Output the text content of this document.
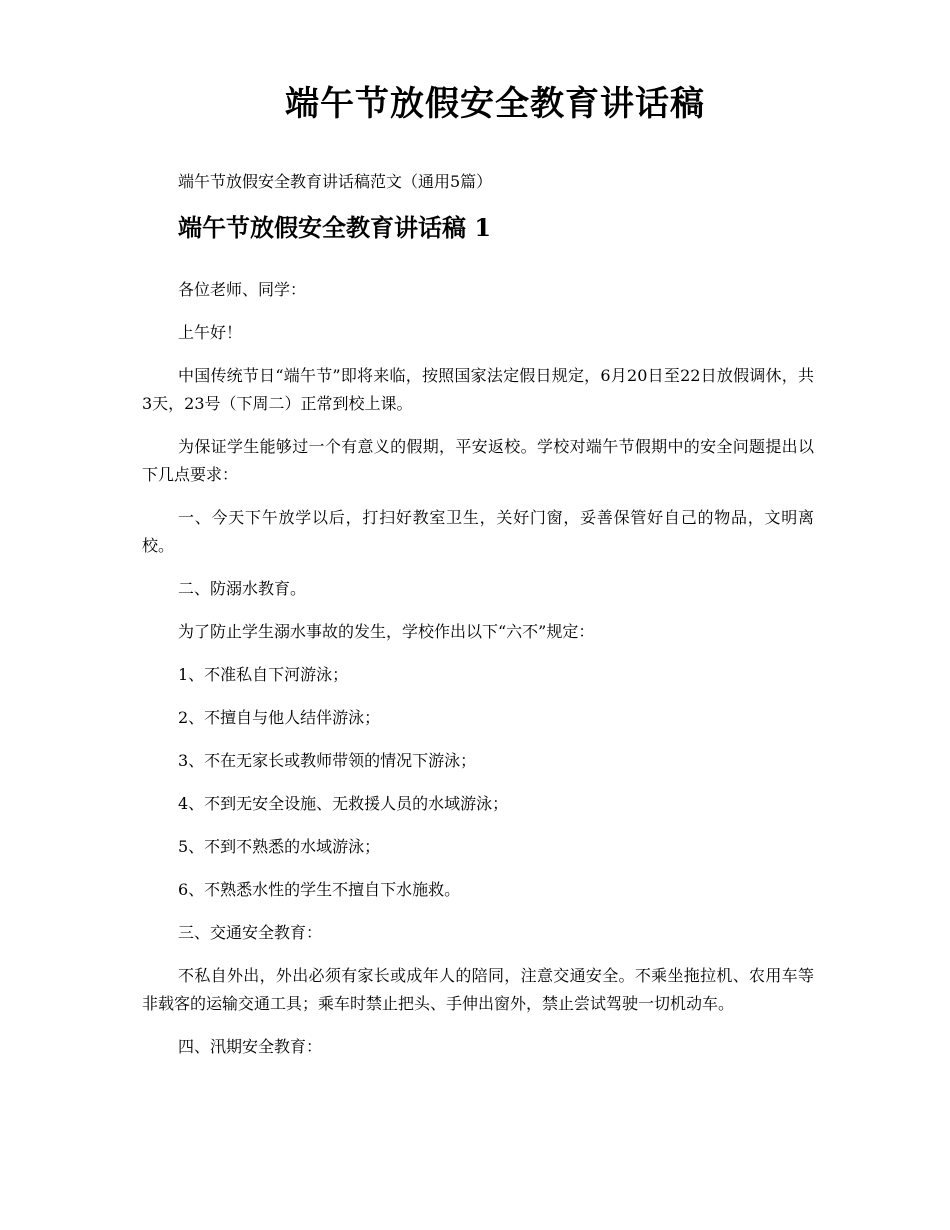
端午节放假安全教育讲话稿

端午节放假安全教育讲话稿范文（通用5篇）

端午节放假安全教育讲话稿 1

各位老师、同学：

上午好！

中国传统节日“端午节”即将来临，按照国家法定假日规定，6月20日至22日放假调休，共3天，23号（下周二）正常到校上课。

为保证学生能够过一个有意义的假期，平安返校。学校对端午节假期中的安全问题提出以下几点要求：

一、今天下午放学以后，打扫好教室卫生，关好门窗，妥善保管好自己的物品，文明离校。

二、防溺水教育。

为了防止学生溺水事故的发生，学校作出以下“六不”规定：

1、不准私自下河游泳；

2、不擅自与他人结伴游泳；

3、不在无家长或教师带领的情况下游泳；

4、不到无安全设施、无救援人员的水域游泳；

5、不到不熟悉的水域游泳；

6、不熟悉水性的学生不擅自下水施救。

三、交通安全教育：

不私自外出，外出必须有家长或成年人的陪同，注意交通安全。不乘坐拖拉机、农用车等非载客的运输交通工具；乘车时禁止把头、手伸出窗外，禁止尝试驾驶一切机动车。

四、汛期安全教育：
